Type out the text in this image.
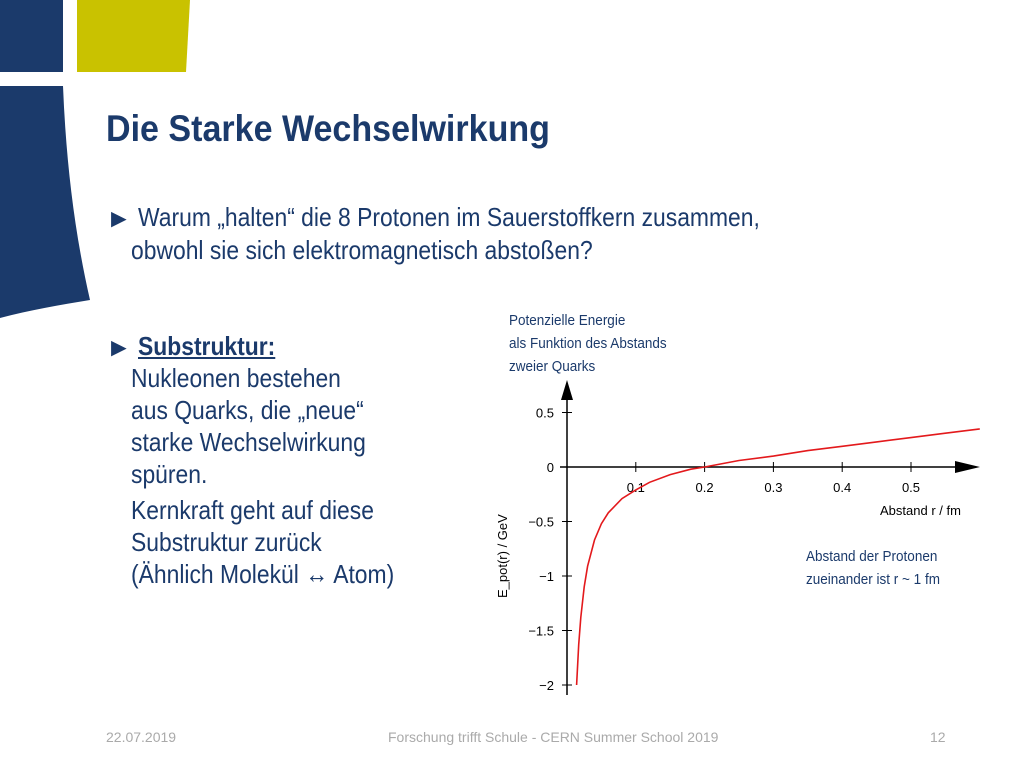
Die Starke Wechselwirkung
► Warum „halten“ die 8 Protonen im Sauerstoffkern zusammen,
obwohl sie sich elektromagnetisch abstoßen?
► Substruktur:
Nukleonen bestehen
aus Quarks, die „neue“
starke Wechselwirkung
spüren.
Kernkraft geht auf diese
Substruktur zurück
(Ähnlich Molekül ↔ Atom)
Potenzielle Energie
als Funktion des Abstands
zweier Quarks
0.5
0
−0.5
−1
−1.5
−2
0.1	0.2	0.3	0.4	0.5
Abstand r / fm
E_pot(r) / GeV	Abstand der Protonen
zueinander ist r ~ 1 fm
22.07.2019	Forschung trifft Schule - CERN Summer School 2019	12
